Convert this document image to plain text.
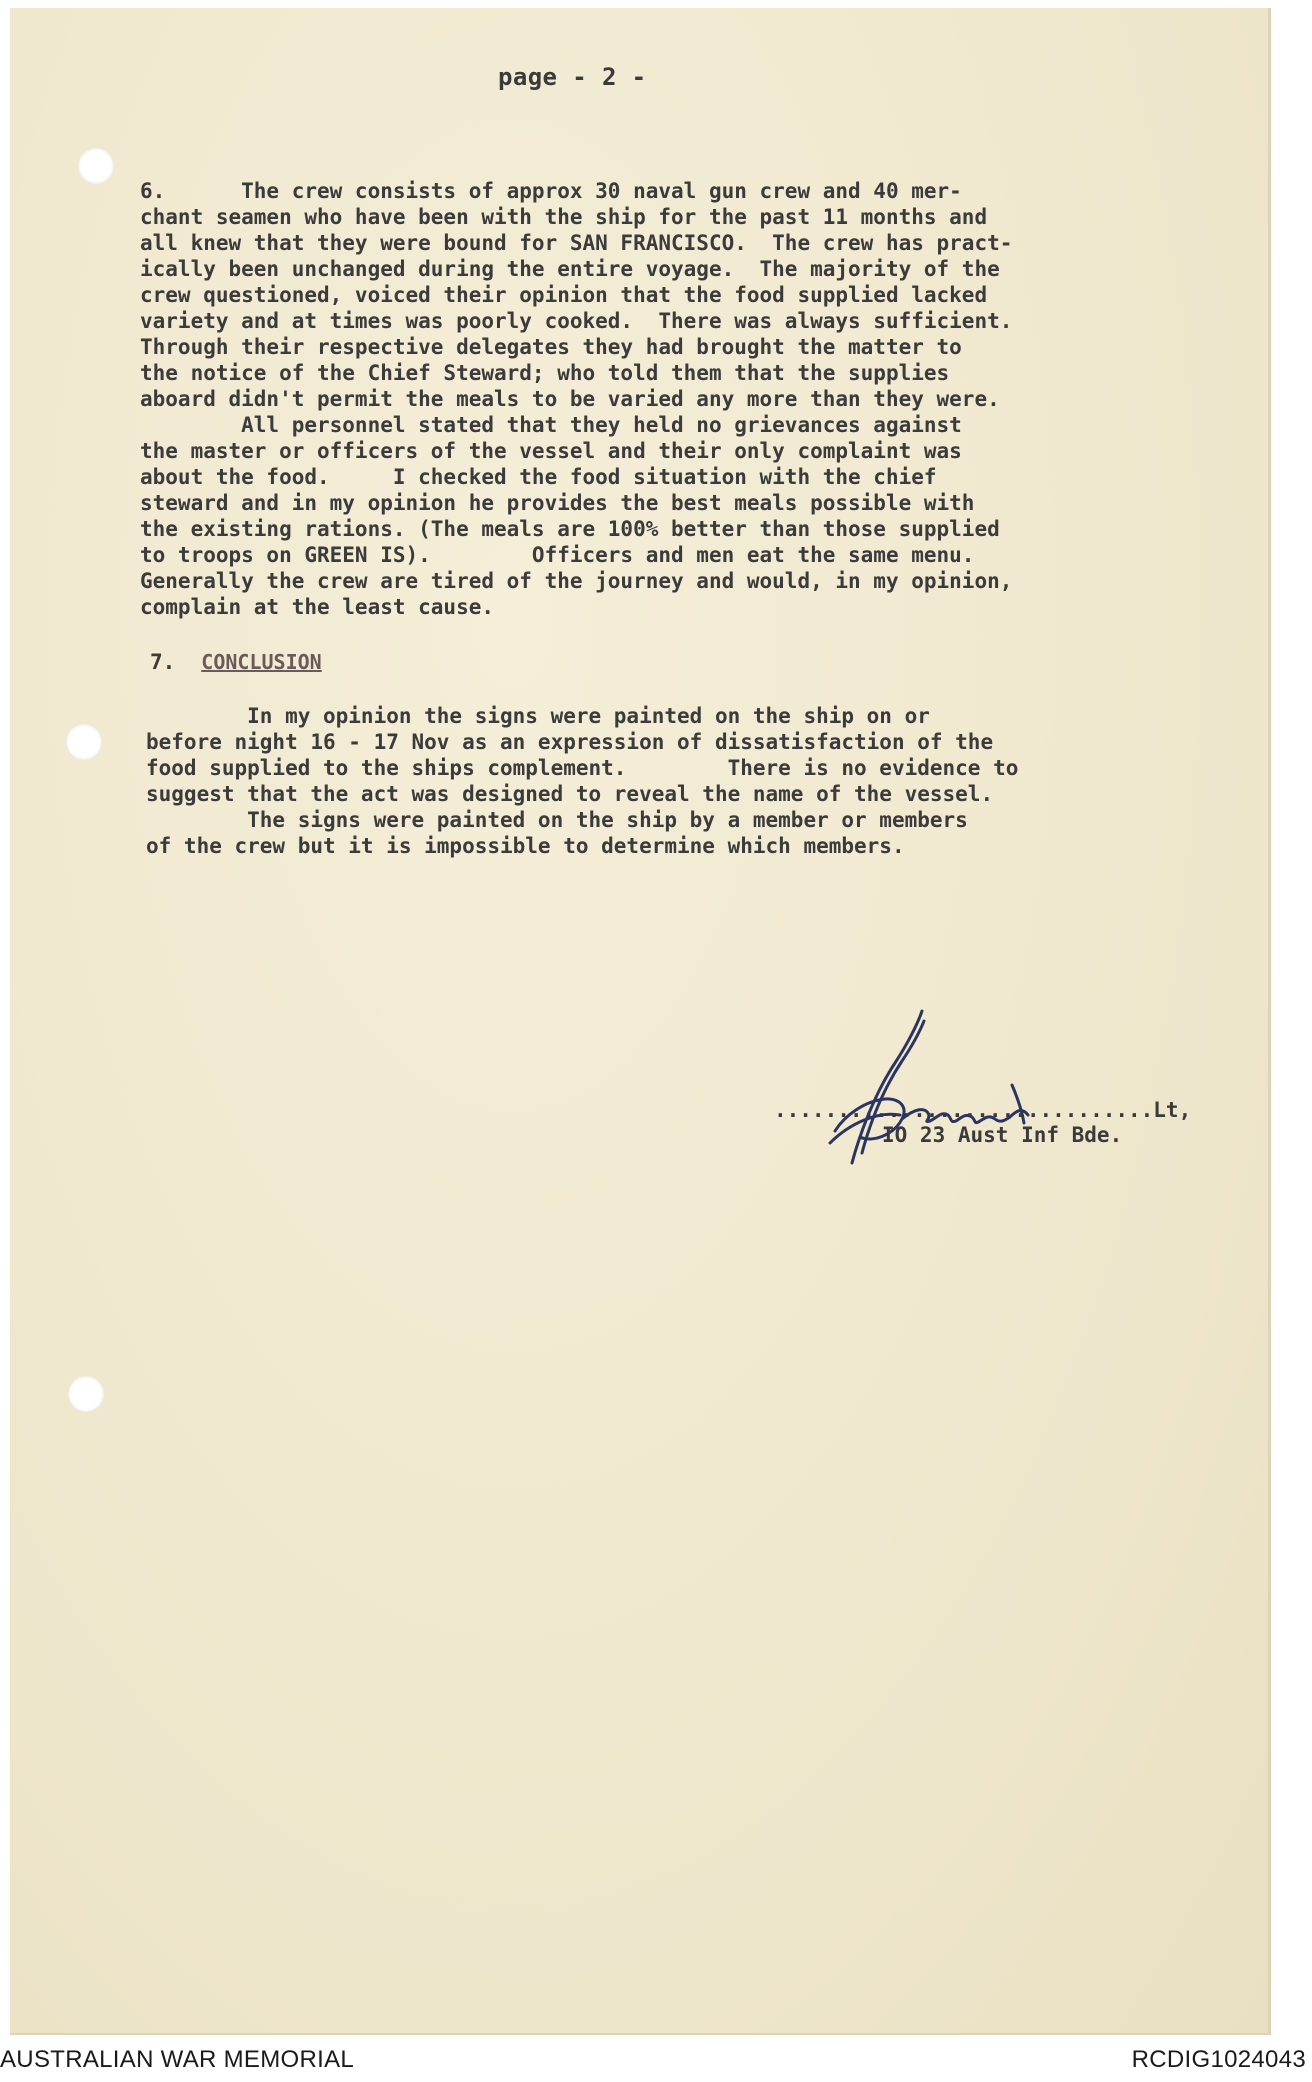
page - 2 -
6.      The crew consists of approx 30 naval gun crew and 40 mer-
chant seamen who have been with the ship for the past 11 months and
all knew that they were bound for SAN FRANCISCO.  The crew has pract-
ically been unchanged during the entire voyage.  The majority of the
crew questioned, voiced their opinion that the food supplied lacked
variety and at times was poorly cooked.  There was always sufficient.
Through their respective delegates they had brought the matter to
the notice of the Chief Steward; who told them that the supplies
aboard didn't permit the meals to be varied any more than they were.
All personnel stated that they held no grievances against
the master or officers of the vessel and their only complaint was
about the food.     I checked the food situation with the chief
steward and in my opinion he provides the best meals possible with
the existing rations. (The meals are 100% better than those supplied
to troops on GREEN IS).        Officers and men eat the same menu.
Generally the crew are tired of the journey and would, in my opinion,
complain at the least cause.
7. CONCLUSION
In my opinion the signs were painted on the ship on or
before night 16 - 17 Nov as an expression of dissatisfaction of the
food supplied to the ships complement.        There is no evidence to
suggest that the act was designed to reveal the name of the vessel.
The signs were painted on the ship by a member or members
of the crew but it is impossible to determine which members.
..............................Lt,
IO 23 Aust Inf Bde.
AUSTRALIAN WAR MEMORIAL	RCDIG1024043
